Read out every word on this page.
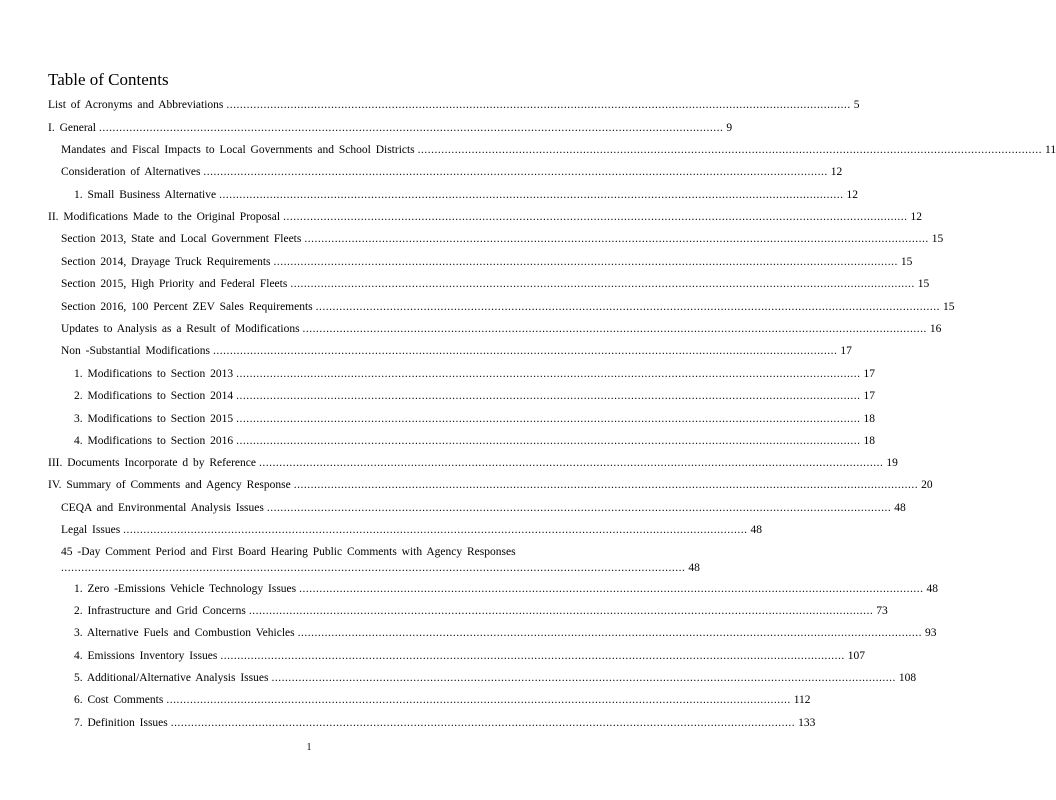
Table of Contents
List of Acronyms and Abbreviations ......................................................................................................................................................................................... 5
I. General ......................................................................................................................................................................................... 9
Mandates and Fiscal Impacts to Local Governments and School Districts ......................................................................................................................................................................................... 11
Consideration of Alternatives ......................................................................................................................................................................................... 12
1. Small Business Alternative ......................................................................................................................................................................................... 12
II. Modifications Made to the Original Proposal ......................................................................................................................................................................................... 12
Section 2013, State and Local Government Fleets ......................................................................................................................................................................................... 15
Section 2014, Drayage Truck Requirements ......................................................................................................................................................................................... 15
Section 2015, High Priority and Federal Fleets ......................................................................................................................................................................................... 15
Section 2016, 100 Percent ZEV Sales Requirements ......................................................................................................................................................................................... 15
Updates to Analysis as a Result of Modifications ......................................................................................................................................................................................... 16
Non -Substantial Modifications ......................................................................................................................................................................................... 17
1. Modifications to Section 2013 ......................................................................................................................................................................................... 17
2. Modifications to Section 2014 ......................................................................................................................................................................................... 17
3. Modifications to Section 2015 ......................................................................................................................................................................................... 18
4. Modifications to Section 2016 ......................................................................................................................................................................................... 18
III. Documents Incorporate d by Reference ......................................................................................................................................................................................... 19
IV. Summary of Comments and Agency Response ......................................................................................................................................................................................... 20
CEQA and Environmental Analysis Issues ......................................................................................................................................................................................... 48
Legal Issues ......................................................................................................................................................................................... 48
45 -Day Comment Period and First Board Hearing Public Comments with Agency Responses
......................................................................................................................................................................................... 48
1. Zero -Emissions Vehicle Technology Issues ......................................................................................................................................................................................... 48
2. Infrastructure and Grid Concerns ......................................................................................................................................................................................... 73
3. Alternative Fuels and Combustion Vehicles ......................................................................................................................................................................................... 93
4. Emissions Inventory Issues ......................................................................................................................................................................................... 107
5. Additional/Alternative Analysis Issues ......................................................................................................................................................................................... 108
6. Cost Comments ......................................................................................................................................................................................... 112
7. Definition Issues ......................................................................................................................................................................................... 133
1
